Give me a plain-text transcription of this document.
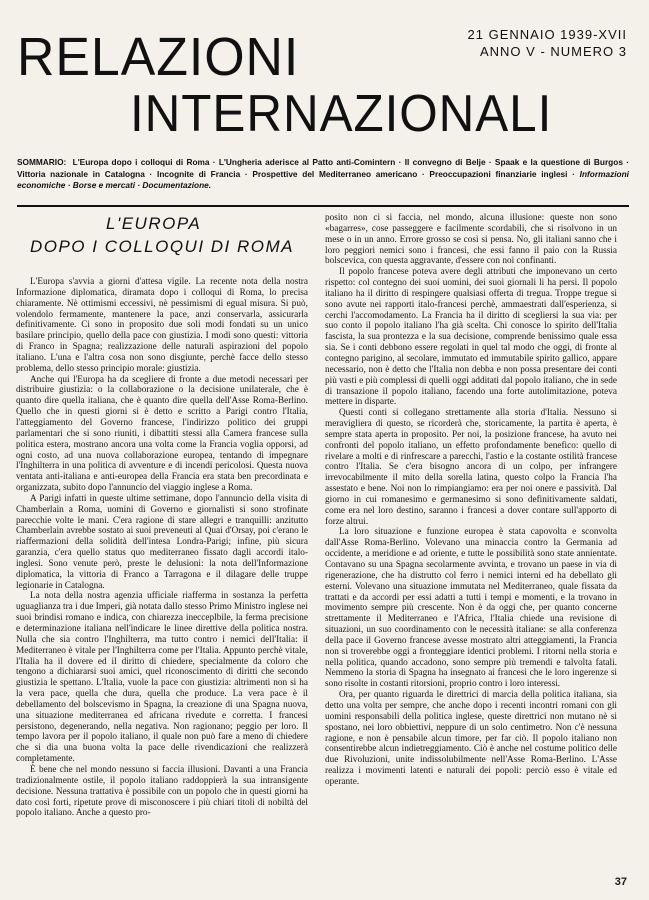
RELAZIONI
INTERNAZIONALI
21 GENNAIO 1939-XVII
ANNO V - NUMERO 3
SOMMARIO: L'Europa dopo i colloqui di Roma · L'Ungheria aderisce al Patto anti-Comintern · Il convegno di Belje · Spaak e la questione di Burgos · Vittoria nazionale in Catalogna · Incognite di Francia · Prospettive del Mediterraneo americano · Preoccupazioni finanziarie inglesi · Informazioni economiche · Borse e mercati · Documentazione.
L'EUROPA
DOPO I COLLOQUI DI ROMA

L'Europa s'avvia a giorni d'attesa vigile. La recente nota della nostra Informazione diplomatica, diramata dopo i colloqui di Roma, lo precisa chiaramente. Nè ottimismi eccessivi, nè pessimismi di egual misura. Si può, volendolo fermamente, mantenere la pace, anzi conservarla, assicurarla definitivamente. Ci sono in proposito due soli modi fondati su un unico basilare principio, quello della pace con giustizia. I modi sono questi: vittoria di Franco in Spagna; realizzazione delle naturali aspirazioni del popolo italiano. L'una e l'altra cosa non sono disgiunte, perchè facce dello stesso problema, dello stesso principio morale: giustizia.

Anche qui l'Europa ha da scegliere di fronte a due metodi necessari per distribuire giustizia: o la collaborazione o la decisione unilaterale, che è quanto dire quella italiana, che è quanto dire quella dell'Asse Roma-Berlino. Quello che in questi giorni si è detto e scritto a Parigi contro l'Italia, l'atteggiamento del Governo francese, l'indirizzo politico dei gruppi parlamentari che si sono riuniti, i dibattiti stessi alla Camera francese sulla politica estera, mostrano ancora una volta come la Francia voglia opporsi, ad ogni costo, ad una nuova collaborazione europea, tentando di impegnare l'Inghilterra in una politica di avventure e di incendi pericolosi. Questa nuova ventata anti-italiana e anti-europea della Francia era stata ben precordinata e organizzata, subito dopo l'annuncio del viaggio inglese a Roma.

A Parigi infatti in queste ultime settimane, dopo l'annuncio della visita di Chamberlain a Roma, uomini di Governo e giornalisti si sono strofinate parecchie volte le mani. C'era ragione di stare allegri e tranquilli: anzitutto Chamberlain avrebbe sostato ai suoi preveneuti al Quai d'Orsay, poi c'erano le riaffermazioni della solidità dell'intesa Londra-Parigi; infine, più sicura garanzia, c'era quello status quo mediterraneo fissato dagli accordi italo-inglesi. Sono venute però, preste le delusioni: la nota dell'Informazione diplomatica, la vittoria di Franco a Tarragona e il dilagare delle truppe legionarie in Catalogna.

La nota della nostra agenzia ufficiale riafferma in sostanza la perfetta uguaglianza tra i due Imperi, già notata dallo stesso Primo Ministro inglese nei suoi brindisi romano e indica, con chiarezza inecceplbile, la ferma precisione e determinazione italiana nell'indicare le linee direttive della politica nostra. Nulla che sia contro l'Inghilterra, ma tutto contro i nemici dell'Italia: il Mediterraneo è vitale per l'Inghilterra come per l'Italia. Appunto perchè vitale, l'Italia ha il dovere ed il diritto di chiedere, specialmente da coloro che tengono a dichiararsi suoi amici, quel riconoscimento di diritti che secondo giustizia le spettano. L'Italia, vuole la pace con giustizia: altrimenti non si ha la vera pace, quella che dura, quella che produce. La vera pace è il debellamento del bolscevismo in Spagna, la creazione di una Spagna nuova, una situazione mediterranea ed africana rivedute e corretta. I francesi persistono, degenerando, nella negativa. Non ragionano; peggio per loro. Il tempo lavora per il popolo italiano, il quale non può fare a meno di chiedere che si dia una buona volta la pace delle rivendicazioni che realizzerà completamente.

È bene che nel mondo nessuno si faccia illusioni. Davanti a una Francia tradizionalmente ostile, il popolo italiano raddoppierà la sua intransigente decisione. Nessuna trattativa è possibile con un popolo che in questi giorni ha dato così forti, ripetute prove di misconoscere i più chiari titoli di nobiltà del popolo italiano. Anche a questo pro-

posito non ci si faccia, nel mondo, alcuna illusione: queste non sono «bagarres», cose passeggere e facilmente scordabili, che si risolvono in un mese o in un anno. Errore grosso se così si pensa. No, gli italiani sanno che i loro peggiori nemici sono i francesi, che essi fanno il paio con la Russia bolscevica, con questa aggravante, d'essere con noi confinanti.

Il popolo francese poteva avere degli attributi che imponevano un certo rispetto: col contegno dei suoi uomini, dei suoi giornali li ha persi. Il popolo italiano ha il diritto di respingere qualsiasi offerta di tregua. Troppe tregue si sono avute nei rapporti italo-francesi perchè, ammaestrati dall'esperienza, si cerchi l'accomodamento. La Francia ha il diritto di scegliersi la sua via: per suo conto il popolo italiano l'ha già scelta. Chi conosce lo spirito dell'Italia fascista, la sua prontezza e la sua decisione, comprende benissimo quale essa sia. Se i conti debbono essere regolati in quel tal modo che oggi, di fronte al contegno parigino, al secolare, immutato ed immutabile spirito gallico, appare necessario, non è detto che l'Italia non debba e non possa presentare dei conti più vasti e più complessi di quelli oggi additati dal popolo italiano, che in sede di transazione il popolo italiano, facendo una forte autolimitazione, poteva mettere in disparte.

Questi conti si collegano strettamente alla storia d'Italia. Nessuno si meravigliera di questo, se ricorderà che, storicamente, la partita è aperta, è sempre stata aperta in proposito. Per noi, la posizione francese, ha avuto nei confronti del popolo italiano, un effetto profondamente benefico: quello di rivelare a molti e di rinfrescare a parecchi, l'astio e la costante ostilità francese contro l'Italia. Se c'era bisogno ancora di un colpo, per infrangere irrevocabilmente il mito della sorella latina, questo colpo la Francia l'ha assestato e bene. Noi non lo rimpiangiamo: era per noi onere e passività. Dal giorno in cui romanesimo e germanesimo si sono definitivamente saldati, come era nel loro destino, saranno i francesi a dover contare sull'apporto di forze altrui.

La loro situazione e funzione europea è stata capovolta e sconvolta dall'Asse Roma-Berlino. Volevano una minaccia contro la Germania ad occidente, a meridione e ad oriente, e tutte le possibilità sono state annientate. Contavano su una Spagna secolarmente avvinta, e trovano un paese in via di rigenerazione, che ha distrutto col ferro i nemici interni ed ha debellato gli esterni. Volevano una situazione immutata nel Mediterraneo, quale fissata da trattati e da accordi per essi adatti a tutti i tempi e momenti, e la trovano in movimento sempre più crescente. Non è da oggi che, per quanto concerne strettamente il Mediterraneo e l'Africa, l'Italia chiede una revisione di situazioni, un suo coordinamento con le necessità italiane: se alla conferenza della pace il Governo francese avesse mostrato altri atteggiamenti, la Francia non si troverebbe oggi a fronteggiare identici problemi. I ritorni nella storia e nella politica, quando accadono, sono sempre più tremendi e talvolta fatali. Nemmeno la storia di Spagna ha insegnato ai francesi che le loro ingerenze si sono risolte in costanti ritorsioni, proprio contro i loro interessi.

Ora, per quanto riguarda le direttrici di marcia della politica italiana, sia detto una volta per sempre, che anche dopo i recenti incontri romani con gli uomini responsabili della politica inglese, queste direttrici non mutano nè si spostano, nei loro obbiettivi, neppure di un solo centimetro. Non c'è nessuna ragione, e non è pensabile alcun timore, per far ciò. Il popolo italiano non consentirebbe alcun indietreggiamento. Ciò è anche nel costume politico delle due Rivoluzioni, unite indissolubilmente nell'Asse Roma-Berlino. L'Asse realizza i movimenti latenti e naturali dei popoli: perciò esso è vitale ed operante.

37
